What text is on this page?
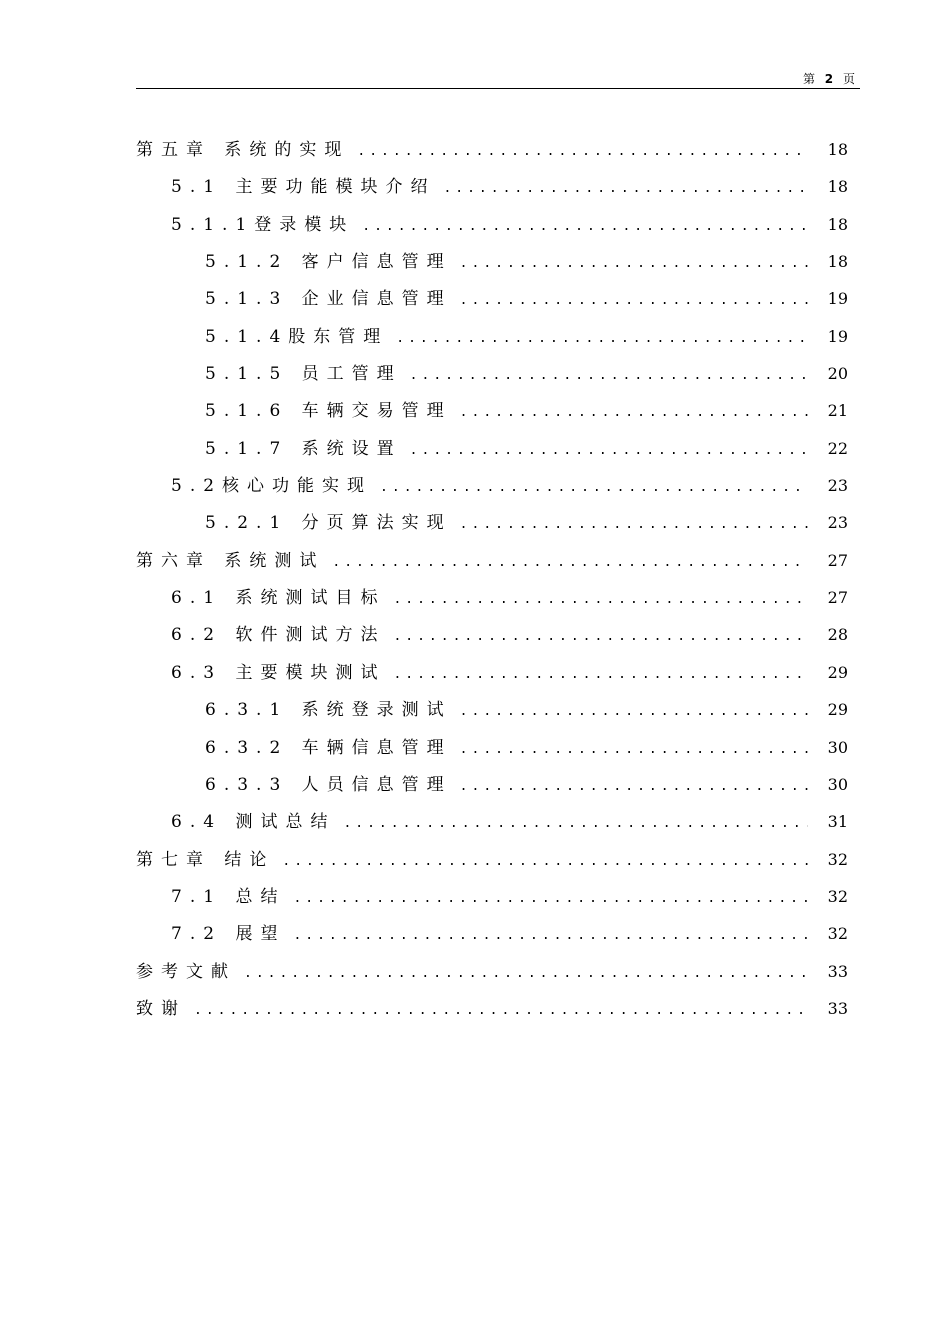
第 2 页
第五章 系统的实现 .....	18
5.1 主要功能模块介绍 .....	18
5.1.1登录模块 .....	18
5.1.2 客户信息管理 .....	18
5.1.3 企业信息管理 .....	19
5.1.4股东管理 .....	19
5.1.5 员工管理 .....	20
5.1.6 车辆交易管理 .....	21
5.1.7 系统设置 .....	22
5.2核心功能实现 .....	23
5.2.1 分页算法实现 .....	23
第六章 系统测试 .....	27
6.1 系统测试目标 .....	27
6.2 软件测试方法 .....	28
6.3 主要模块测试 .....	29
6.3.1 系统登录测试 .....	29
6.3.2 车辆信息管理 .....	30
6.3.3 人员信息管理 .....	30
6.4 测试总结 .....	31
第七章 结论 .....	32
7.1 总结 .....	32
7.2 展望 .....	32
参考文献 .....	33
致谢 .....	33
